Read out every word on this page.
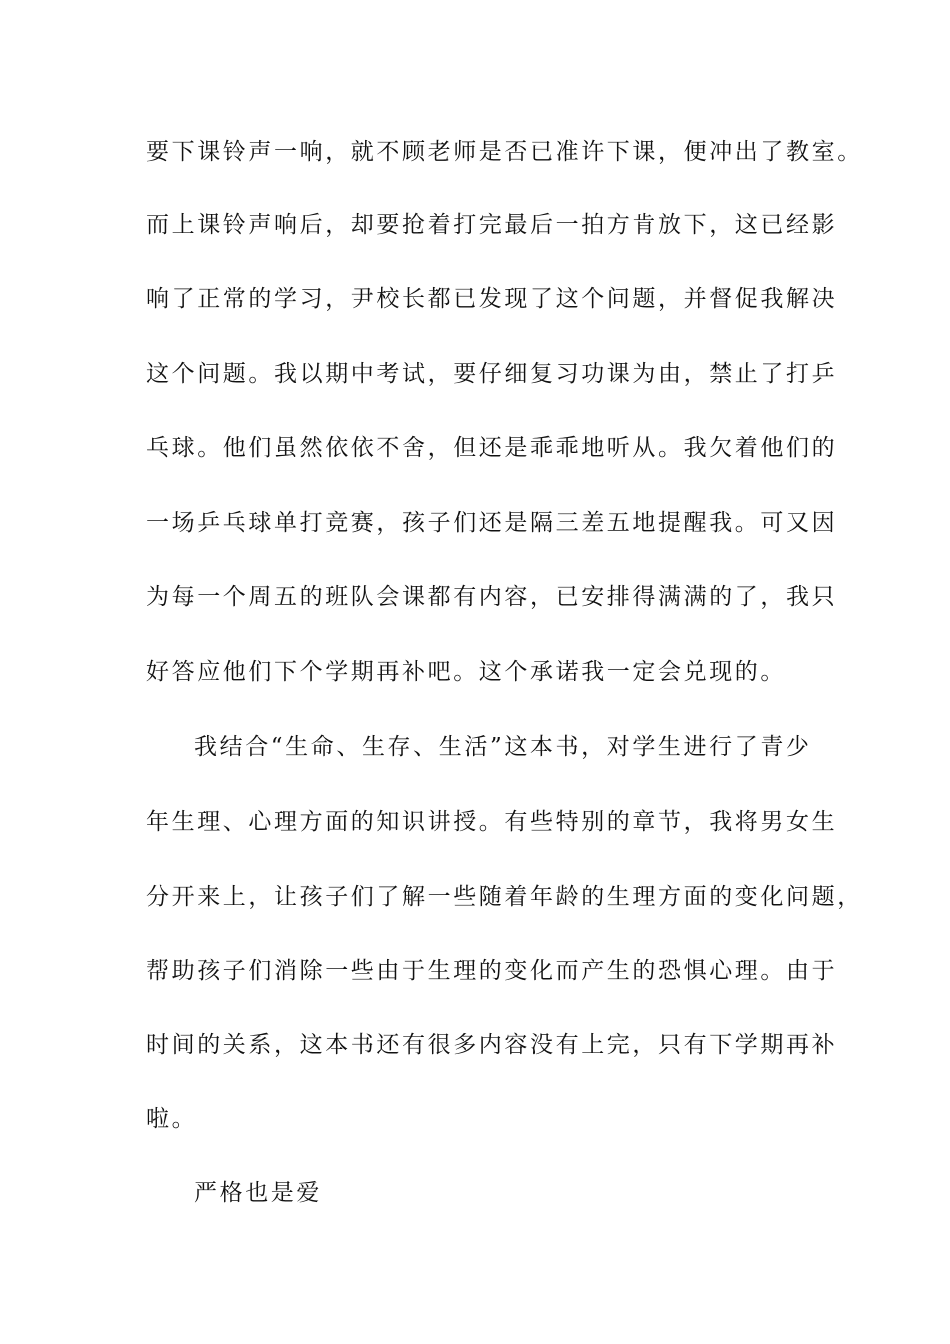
要下课铃声一响，就不顾老师是否已准许下课，便冲出了教室。
而上课铃声响后，却要抢着打完最后一拍方肯放下，这已经影
响了正常的学习，尹校长都已发现了这个问题，并督促我解决
这个问题。我以期中考试，要仔细复习功课为由，禁止了打乒
乓球。他们虽然依依不舍，但还是乖乖地听从。我欠着他们的
一场乒乓球单打竞赛，孩子们还是隔三差五地提醒我。可又因
为每一个周五的班队会课都有内容，已安排得满满的了，我只
好答应他们下个学期再补吧。这个承诺我一定会兑现的。
我结合“生命、生存、生活”这本书，对学生进行了青少
年生理、心理方面的知识讲授。有些特别的章节，我将男女生
分开来上，让孩子们了解一些随着年龄的生理方面的变化问题，
帮助孩子们消除一些由于生理的变化而产生的恐惧心理。由于
时间的关系，这本书还有很多内容没有上完，只有下学期再补
啦。
严格也是爱
